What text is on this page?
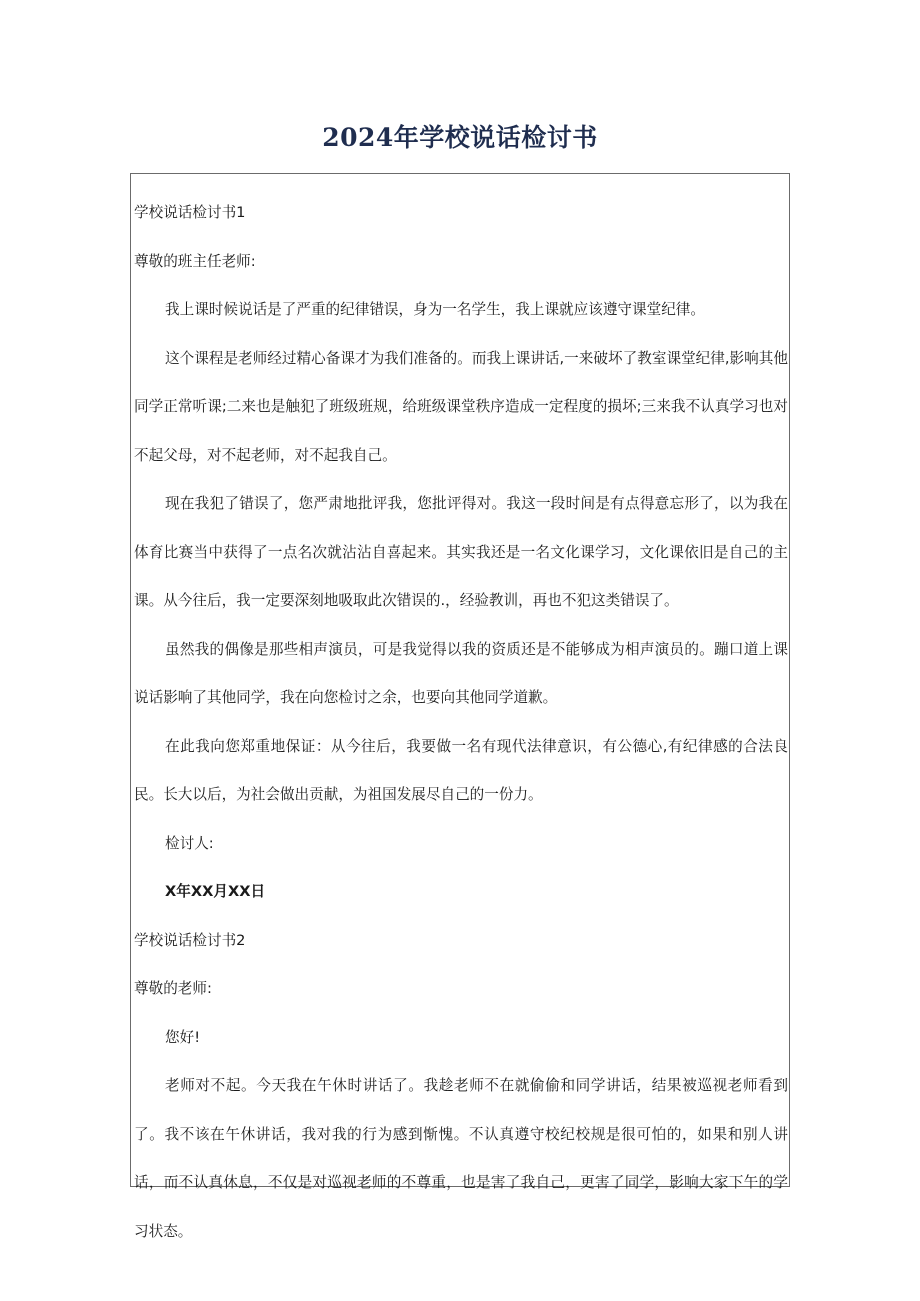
2024年学校说话检讨书

学校说话检讨书1

尊敬的班主任老师:

我上课时候说话是了严重的纪律错误，身为一名学生，我上课就应该遵守课堂纪律。

这个课程是老师经过精心备课才为我们准备的。而我上课讲话,一来破坏了教室课堂纪律,影响其他同学正常听课;二来也是触犯了班级班规，给班级课堂秩序造成一定程度的损坏;三来我不认真学习也对不起父母，对不起老师，对不起我自己。

现在我犯了错误了，您严肃地批评我，您批评得对。我这一段时间是有点得意忘形了，以为我在体育比赛当中获得了一点名次就沾沾自喜起来。其实我还是一名文化课学习，文化课依旧是自己的主课。从今往后，我一定要深刻地吸取此次错误的.，经验教训，再也不犯这类错误了。

虽然我的偶像是那些相声演员，可是我觉得以我的资质还是不能够成为相声演员的。蹦口道上课说话影响了其他同学，我在向您检讨之余，也要向其他同学道歉。

在此我向您郑重地保证：从今往后，我要做一名有现代法律意识，有公德心,有纪律感的合法良民。长大以后，为社会做出贡献，为祖国发展尽自己的一份力。

检讨人:

X年XX月XX日

学校说话检讨书2

尊敬的老师:

您好!

老师对不起。今天我在午休时讲话了。我趁老师不在就偷偷和同学讲话，结果被巡视老师看到了。我不该在午休讲话，我对我的行为感到惭愧。不认真遵守校纪校规是很可怕的，如果和别人讲话，而不认真休息，不仅是对巡视老师的不尊重，也是害了我自己，更害了同学，影响大家下午的学习状态。
